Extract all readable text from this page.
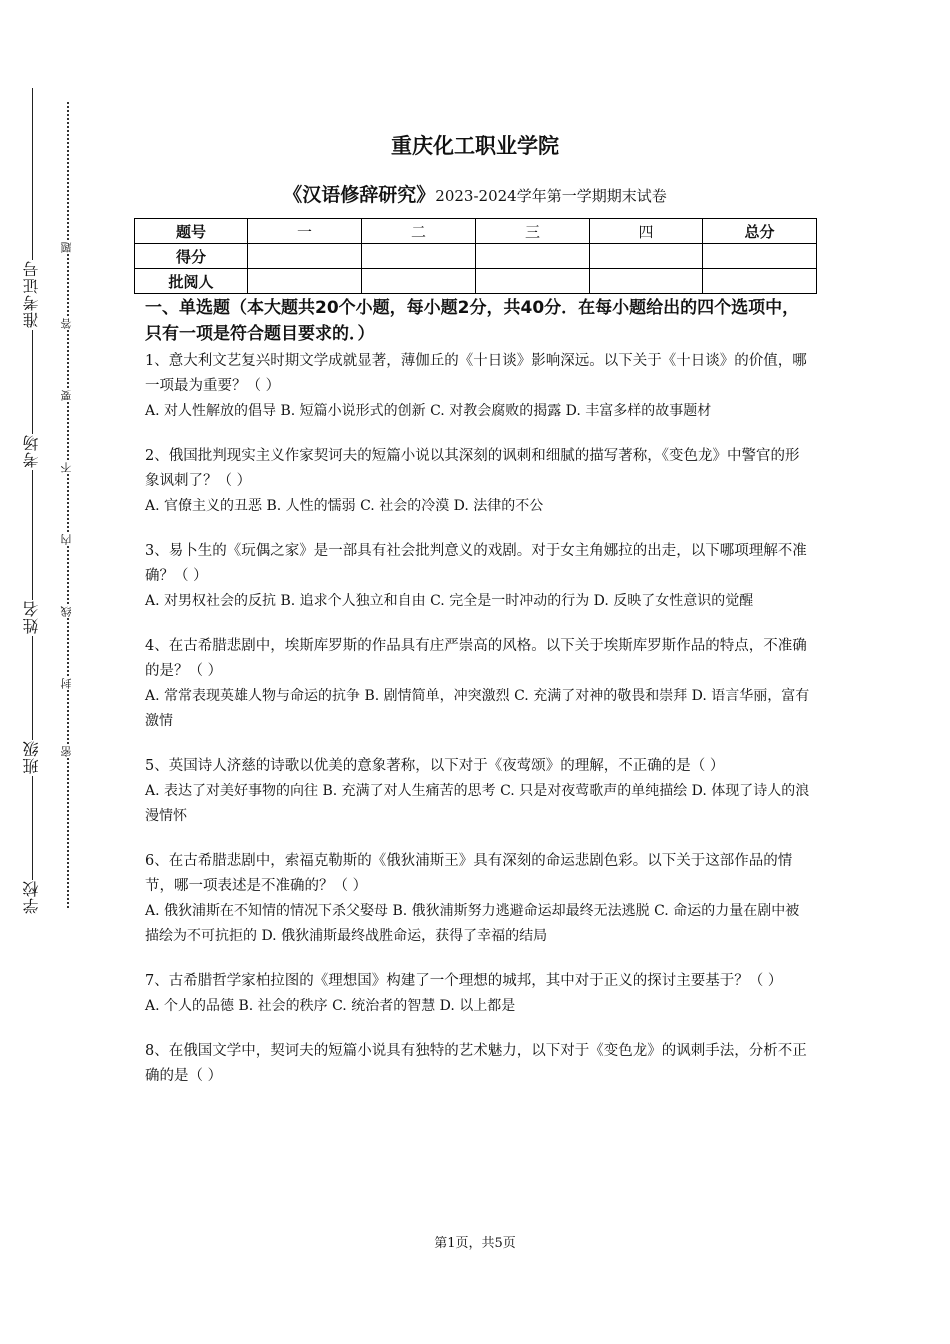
准考证号
考场
姓名
班级
学校
题
答
要
不
内
线
封
密
重庆化工职业学院
《汉语修辞研究》2023-2024学年第一学期期末试卷
题号	一	二	三	四	总分
得分					
批阅人					

一、单选题（本大题共20个小题，每小题2分，共40分．在每小题给出的四个选项中，只有一项是符合题目要求的．）

1、意大利文艺复兴时期文学成就显著，薄伽丘的《十日谈》影响深远。以下关于《十日谈》的价值，哪一项最为重要？（ ）

A. 对人性解放的倡导 B. 短篇小说形式的创新 C. 对教会腐败的揭露 D. 丰富多样的故事题材

2、俄国批判现实主义作家契诃夫的短篇小说以其深刻的讽刺和细腻的描写著称，《变色龙》中警官的形象讽刺了？（ ）

A. 官僚主义的丑恶 B. 人性的懦弱 C. 社会的冷漠 D. 法律的不公

3、易卜生的《玩偶之家》是一部具有社会批判意义的戏剧。对于女主角娜拉的出走，以下哪项理解不准确？（ ）

A. 对男权社会的反抗 B. 追求个人独立和自由 C. 完全是一时冲动的行为 D. 反映了女性意识的觉醒

4、在古希腊悲剧中，埃斯库罗斯的作品具有庄严崇高的风格。以下关于埃斯库罗斯作品的特点，不准确的是？（ ）

A. 常常表现英雄人物与命运的抗争 B. 剧情简单，冲突激烈 C. 充满了对神的敬畏和崇拜 D. 语言华丽，富有激情

5、英国诗人济慈的诗歌以优美的意象著称，以下对于《夜莺颂》的理解，不正确的是（ ）

A. 表达了对美好事物的向往 B. 充满了对人生痛苦的思考 C. 只是对夜莺歌声的单纯描绘 D. 体现了诗人的浪漫情怀

6、在古希腊悲剧中，索福克勒斯的《俄狄浦斯王》具有深刻的命运悲剧色彩。以下关于这部作品的情节，哪一项表述是不准确的？（ ）

A. 俄狄浦斯在不知情的情况下杀父娶母 B. 俄狄浦斯努力逃避命运却最终无法逃脱 C. 命运的力量在剧中被描绘为不可抗拒的 D. 俄狄浦斯最终战胜命运，获得了幸福的结局

7、古希腊哲学家柏拉图的《理想国》构建了一个理想的城邦，其中对于正义的探讨主要基于？（ ）

A. 个人的品德 B. 社会的秩序 C. 统治者的智慧 D. 以上都是

8、在俄国文学中，契诃夫的短篇小说具有独特的艺术魅力，以下对于《变色龙》的讽刺手法，分析不正确的是（ ）

第1页，共5页
